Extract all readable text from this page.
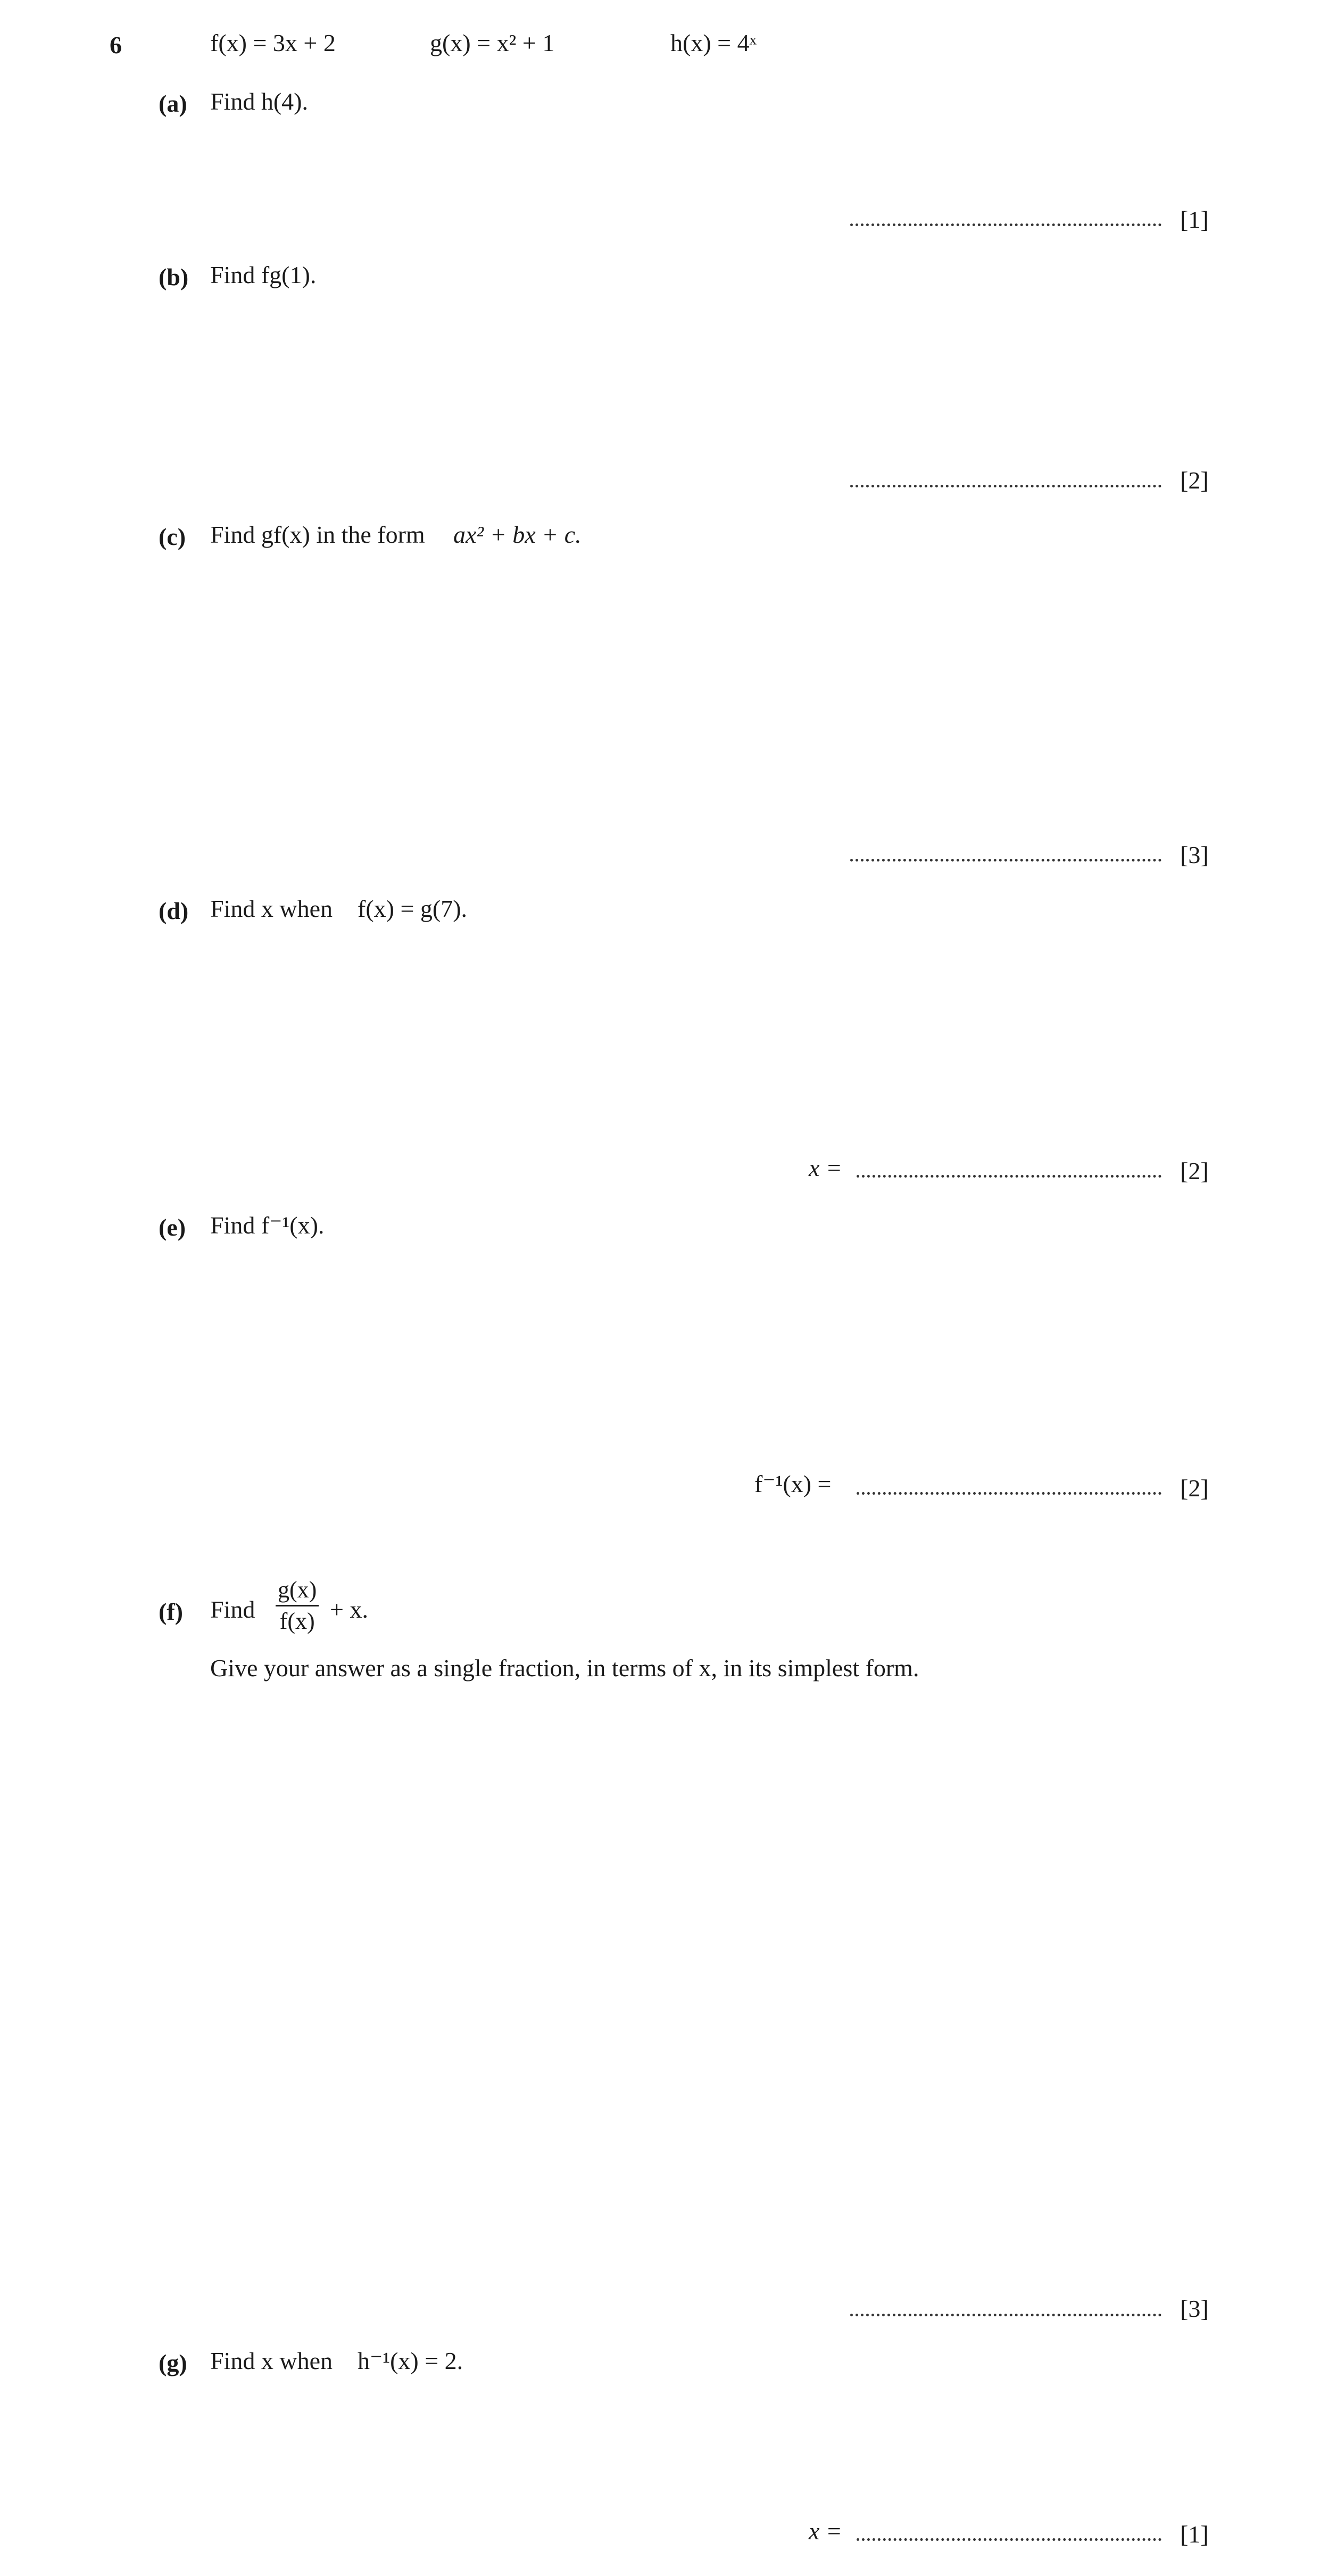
6	f(x) = 3x + 2	g(x) = x² + 1	h(x) = 4ˣ
(a) Find h(4).
[1]
(b) Find fg(1).
[2]
(c) Find gf(x) in the form ax² + bx + c.
[3]
(d) Find x when f(x) = g(7).
x =	[2]
(e) Find f⁻¹(x).
f⁻¹(x) =	[2]
(f) Find $\frac{g(x)}{f(x)} + x$.
Give your answer as a single fraction, in terms of x, in its simplest form.
[3]
(g) Find x when h⁻¹(x) = 2.
x =	[1]
